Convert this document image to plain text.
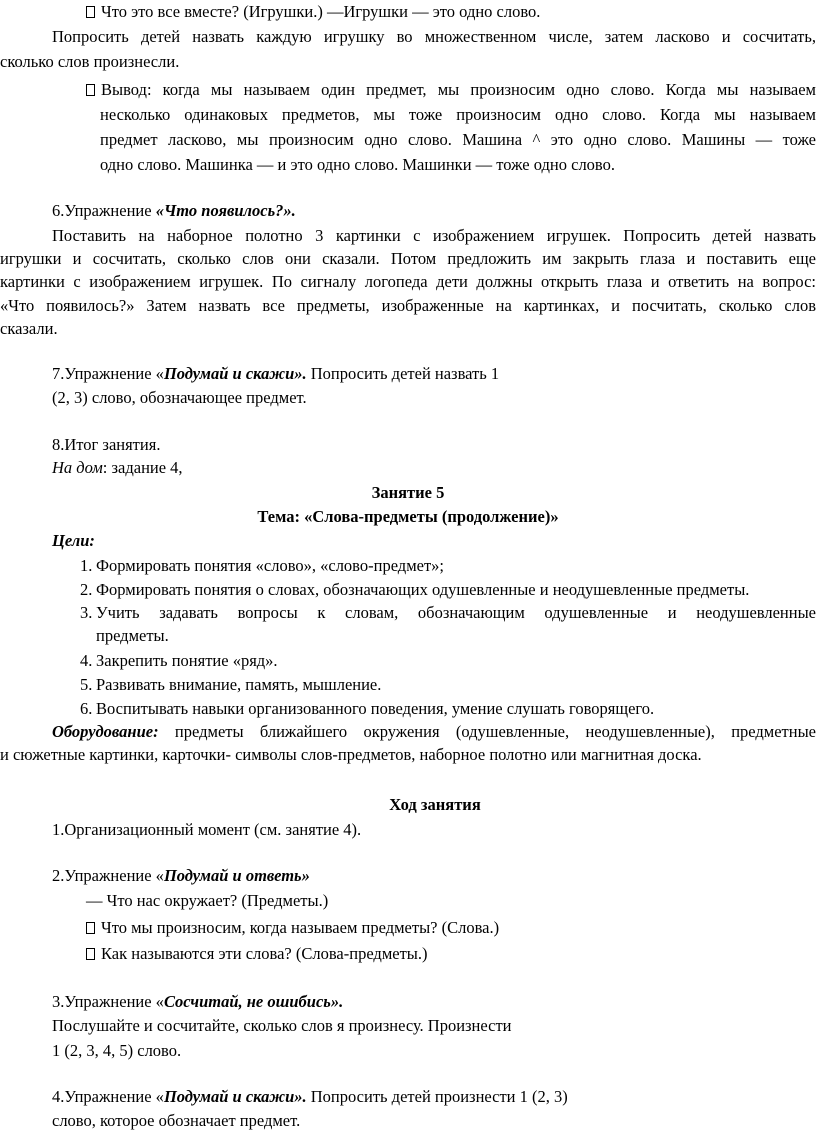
Что это все вместе? (Игрушки.) —Игрушки — это одно слово.
Попросить детей назвать каждую игрушку во множественном числе, затем ласково и сосчитать,
сколько слов произнесли.
Вывод: когда мы называем один предмет, мы произносим одно слово. Когда мы называем
несколько одинаковых предметов, мы тоже произносим одно слово. Когда мы называем
предмет ласково, мы произносим одно слово. Машина ^ это одно слово. Машины — тоже
одно слово. Машинка — и это одно слово. Машинки — тоже одно слово.
6.Упражнение «Что появилось?».
Поставить на наборное полотно 3 картинки с изображением игрушек. Попросить детей назвать
игрушки и сосчитать, сколько слов они сказали. Потом предложить им закрыть глаза и поставить еще
картинки с изображением игрушек. По сигналу логопеда дети должны открыть глаза и ответить на вопрос:
«Что появилось?» Затем назвать все предметы, изображенные на картинках, и посчитать, сколько слов
сказали.
7.Упражнение «Подумай и скажи». Попросить детей назвать 1
(2, 3) слово, обозначающее предмет.
8.Итог занятия.
На дом: задание 4,
Занятие 5
Тема: «Слова-предметы (продолжение)»
Цели:
1. Формировать понятия «слово», «слово-предмет»;
2. Формировать понятия о словах, обозначающих одушевленные и неодушевленные предметы.
3. Учить задавать вопросы к словам, обозначающим одушевленные и неодушевленные
предметы.
4. Закрепить понятие «ряд».
5. Развивать внимание, память, мышление.
6. Воспитывать навыки организованного поведения, умение слушать говорящего.
Оборудование: предметы ближайшего окружения (одушевленные, неодушевленные), предметные
и сюжетные картинки, карточки- символы слов-предметов, наборное полотно или магнитная доска.
Ход занятия
1.Организационный момент (см. занятие 4).
2.Упражнение «Подумай и ответь»
— Что нас окружает? (Предметы.)
Что мы произносим, когда называем предметы? (Слова.)
Как называются эти слова? (Слова-предметы.)
3.Упражнение «Сосчитай, не ошибись».
Послушайте и сосчитайте, сколько слов я произнесу. Произнести
1 (2, 3, 4, 5) слово.
4.Упражнение «Подумай и скажи». Попросить детей произнести 1 (2, 3)
слово, которое обозначает предмет.
